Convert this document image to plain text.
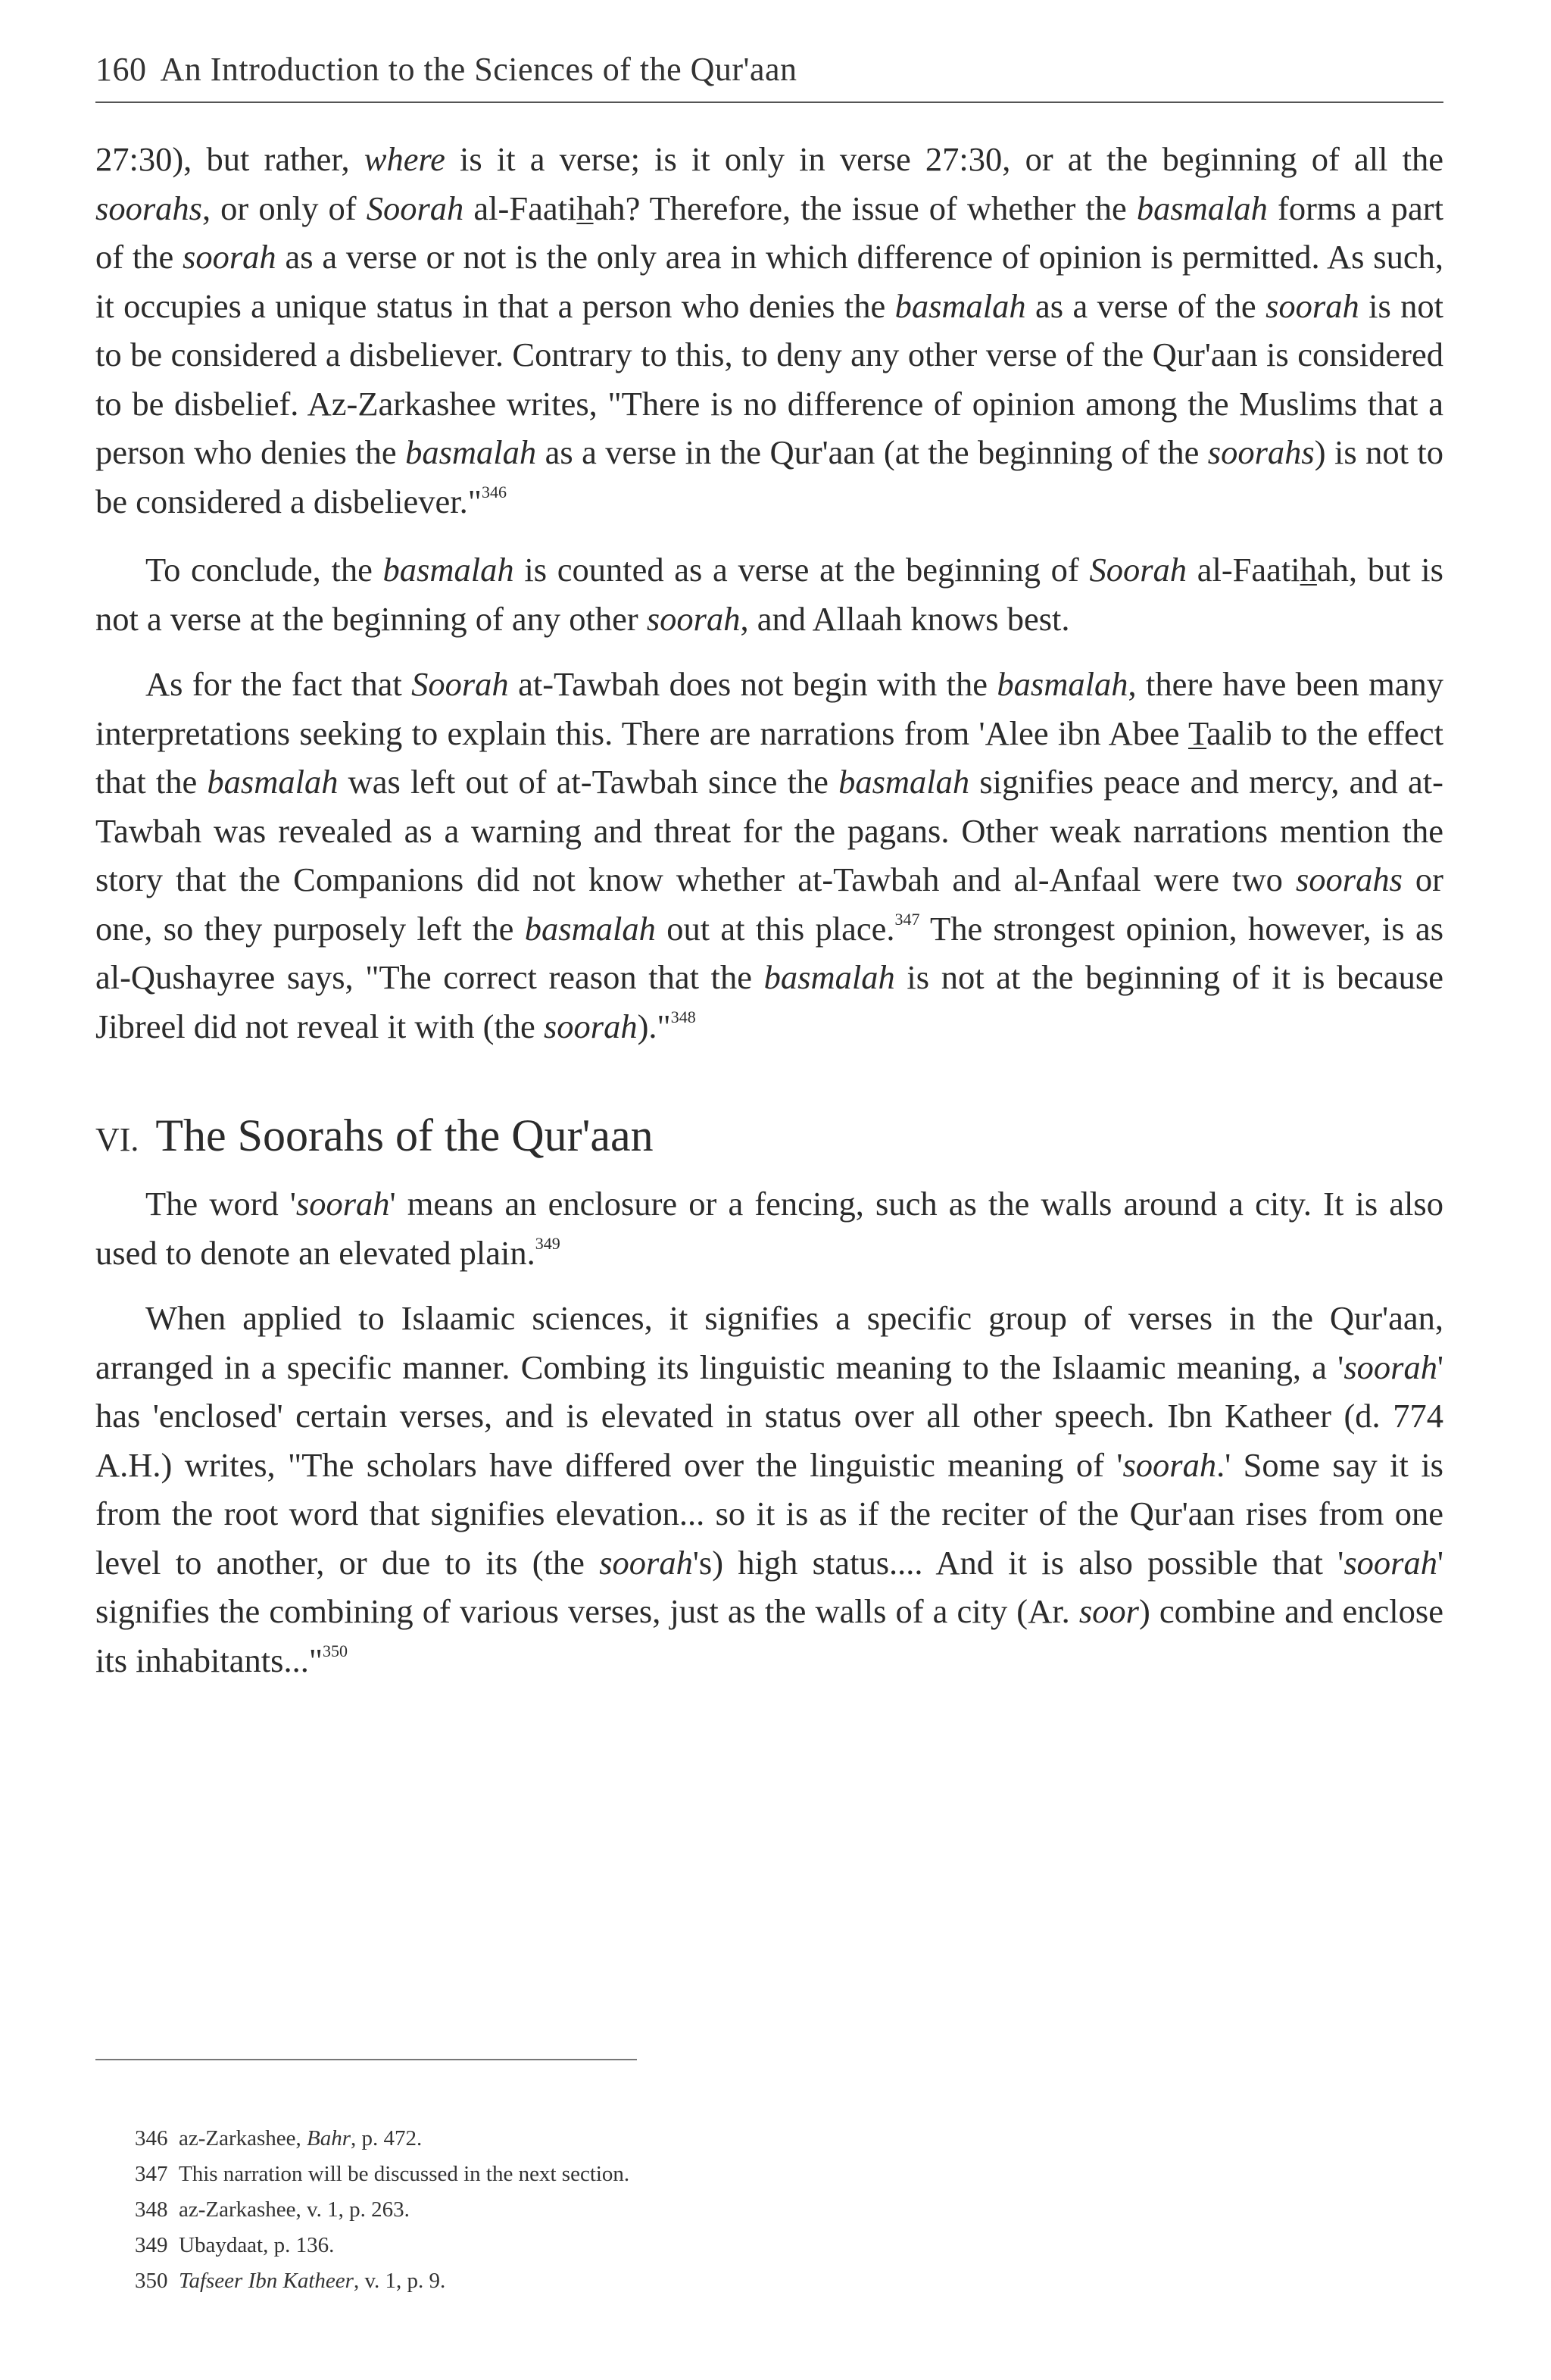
160 An Introduction to the Sciences of the Qur'aan

27:30), but rather, where is it a verse; is it only in verse 27:30, or at the beginning of all the soorahs, or only of Soorah al-Faatihah? Therefore, the issue of whether the basmalah forms a part of the soorah as a verse or not is the only area in which difference of opinion is permitted. As such, it occupies a unique status in that a person who denies the basmalah as a verse of the soorah is not to be considered a disbeliever. Contrary to this, to deny any other verse of the Qur'aan is considered to be disbelief. Az-Zarkashee writes, "There is no difference of opinion among the Muslims that a person who denies the basmalah as a verse in the Qur'aan (at the beginning of the soorahs) is not to be considered a disbeliever."$^{346}$

To conclude, the basmalah is counted as a verse at the beginning of Soorah al-Faatihah, but is not a verse at the beginning of any other soorah, and Allaah knows best.

As for the fact that Soorah at-Tawbah does not begin with the basmalah, there have been many interpretations seeking to explain this. There are narrations from 'Alee ibn Abee Taalib to the effect that the basmalah was left out of at-Tawbah since the basmalah signifies peace and mercy, and at-Tawbah was revealed as a warning and threat for the pagans. Other weak narrations mention the story that the Companions did not know whether at-Tawbah and al-Anfaal were two soorahs or one, so they purposely left the basmalah out at this place.$^{347}$ The strongest opinion, however, is as al-Qushayree says, "The correct reason that the basmalah is not at the beginning of it is because Jibreel did not reveal it with (the soorah)."$^{348}$

VI. The Soorahs of the Qur'aan

The word 'soorah' means an enclosure or a fencing, such as the walls around a city. It is also used to denote an elevated plain.$^{349}$

When applied to Islaamic sciences, it signifies a specific group of verses in the Qur'aan, arranged in a specific manner. Combing its linguistic meaning to the Islaamic meaning, a 'soorah' has 'enclosed' certain verses, and is elevated in status over all other speech. Ibn Katheer (d. 774 A.H.) writes, "The scholars have differed over the linguistic meaning of 'soorah.' Some say it is from the root word that signifies elevation... so it is as if the reciter of the Qur'aan rises from one level to another, or due to its (the soorah's) high status.... And it is also possible that 'soorah' signifies the combining of various verses, just as the walls of a city (Ar. soor) combine and enclose its inhabitants..."$^{350}$

346 az-Zarkashee, Bahr, p. 472.
347 This narration will be discussed in the next section.
348 az-Zarkashee, v. 1, p. 263.
349 Ubaydaat, p. 136.
350 Tafseer Ibn Katheer, v. 1, p. 9.
